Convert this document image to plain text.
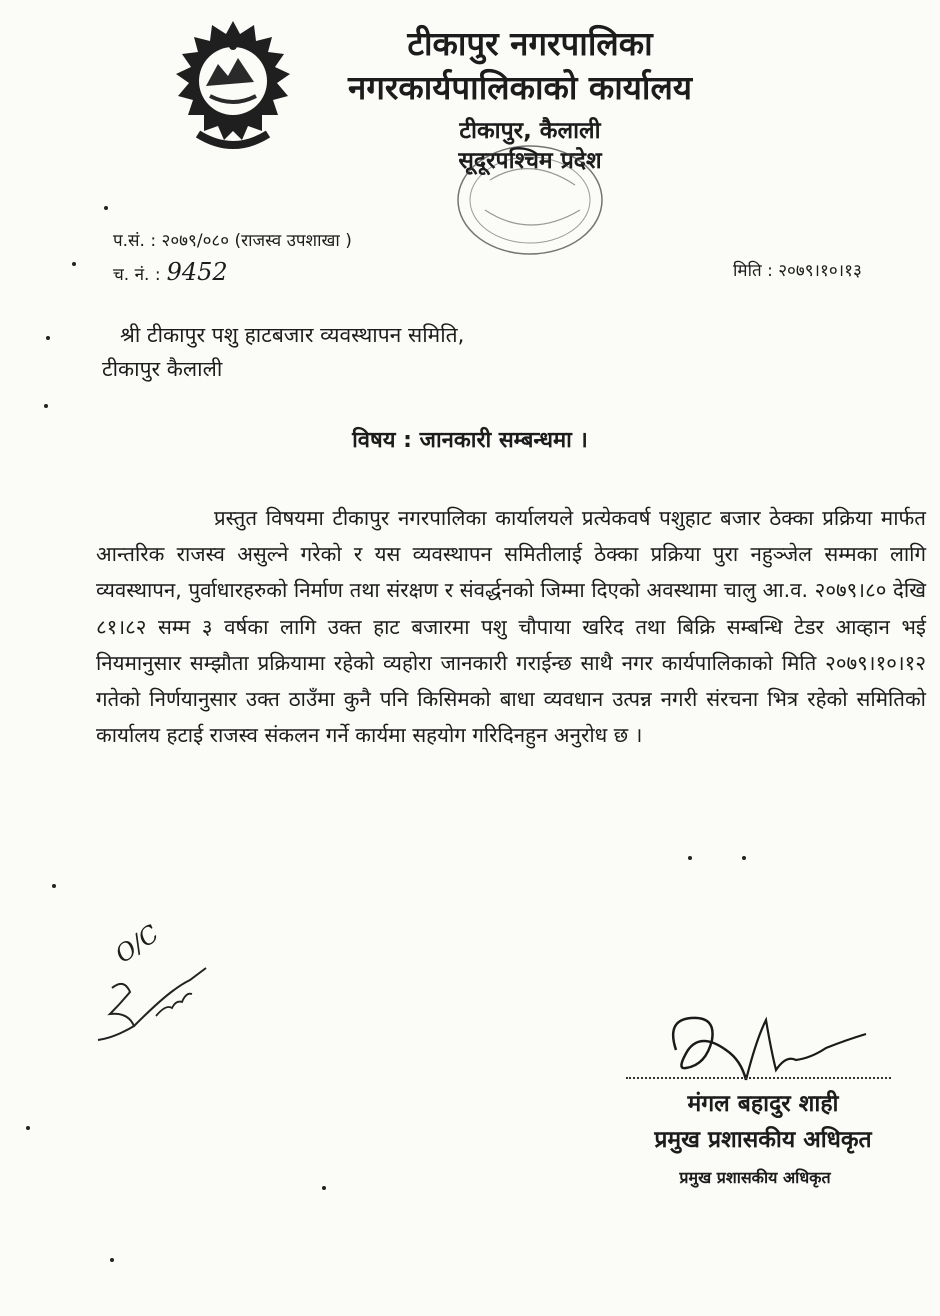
टीकापुर नगरपालिका
नगरकार्यपालिकाको कार्यालय
टीकापुर, कैलाली
सूदूरपश्चिम प्रदेश
प.सं. : २०७९/०८० (राजस्व उपशाखा )
च. नं. : 9452	मिति : २०७९।१०।१३
श्री टीकापुर पशु हाटबजार व्यवस्थापन समिति,
टीकापुर कैलाली
विषय : जानकारी सम्बन्धमा ।
प्रस्तुत विषयमा टीकापुर नगरपालिका कार्यालयले प्रत्येकवर्ष पशुहाट बजार ठेक्का प्रक्रिया मार्फत आन्तरिक राजस्व असुल्ने गरेको र यस व्यवस्थापन समितीलाई ठेक्का प्रक्रिया पुरा नहुञ्जेल सम्मका लागि व्यवस्थापन, पुर्वाधारहरुको निर्माण तथा संरक्षण र संवर्द्धनको जिम्मा दिएको अवस्थामा चालु आ.व. २०७९।८० देखि ८१।८२ सम्म ३ वर्षका लागि उक्त हाट बजारमा पशु चौपाया खरिद तथा बिक्रि सम्बन्धि टेडर आव्हान भई नियमानुसार सम्झौता प्रक्रियामा रहेको व्यहोरा जानकारी गराईन्छ साथै नगर कार्यपालिकाको मिति २०७९।१०।१२ गतेको निर्णयानुसार उक्त ठाउँमा कुनै पनि किसिमको बाधा व्यवधान उत्पन्न नगरी संरचना भित्र रहेको समितिको कार्यालय हटाई राजस्व संकलन गर्ने कार्यमा सहयोग गरिदिनहुन अनुरोध छ ।
O/C
मंगल बहादुर शाही
प्रमुख प्रशासकीय अधिकृत
प्रमुख प्रशासकीय अधिकृत
